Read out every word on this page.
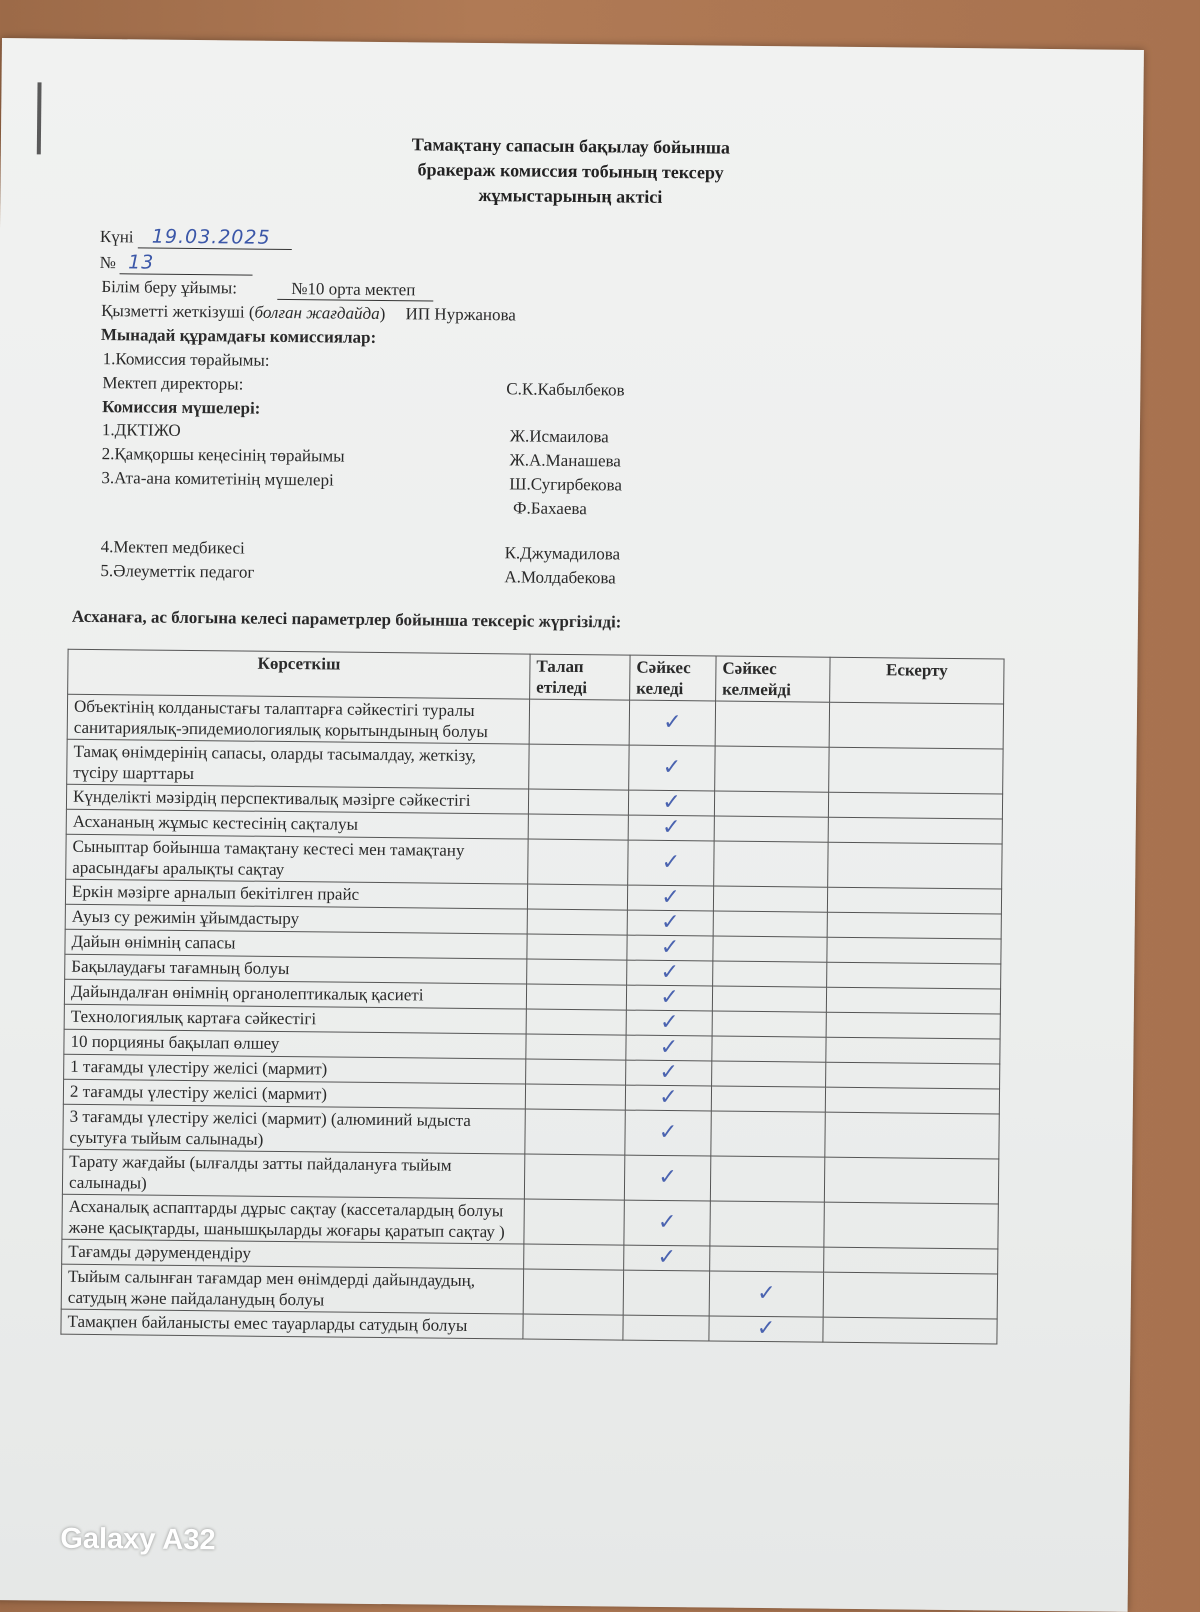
Тамақтану сапасын бақылау бойынша
бракераж комиссия тобының тексеру
жұмыстарының актісі
Күні 19.03.2025
№ 13
Білім беру ұйымы:	№10 орта мектеп
Қызметті жеткізуші (болған жағдайда) ИП Нуржанова
Мынадай құрамдағы комиссиялар:
1.Комиссия төрайымы:
Мектеп директоры:	С.К.Кабылбеков
Комиссия мүшелері:
1.ДКТІЖО	Ж.Исмаилова
2.Қамқоршы кеңесінің төрайымы	Ж.А.Манашева
3.Ата-ана комитетінің мүшелері	Ш.Сугирбекова
Ф.Бахаева
4.Мектеп медбикесі	К.Джумадилова
5.Әлеуметтік педагог	А.Молдабекова
Асханаға, ас блогына келесі параметрлер бойынша тексеріс жүргізілді:
Көрсеткіш	Талап етіледі	Сәйкес келеді	Сәйкес келмейді	Ескерту
Объектінің колданыстағы талаптарға сәйкестігі туралы санитариялық-эпидемиологиялық корытындының болуы		✓		
Тамақ өнімдерінің сапасы, оларды тасымалдау, жеткізу, түсіру шарттары		✓		
Күнделікті мәзірдің перспективалық мәзірге сәйкестігі		✓		
Асхананың жұмыс кестесінің сақталуы		✓		
Сыныптар бойынша тамақтану кестесі мен тамақтану арасындағы аралықты сақтау		✓		
Еркін мәзірге арналып бекітілген прайс		✓		
Ауыз су режимін ұйымдастыру		✓		
Дайын өнімнің сапасы		✓		
Бақылаудағы тағамның болуы		✓		
Дайындалған өнімнің органолептикалық қасиеті		✓		
Технологиялық картаға сәйкестігі		✓		
10 порцияны бақылап өлшеу		✓		
1 тағамды үлестіру желісі (мармит)		✓		
2 тағамды үлестіру желісі (мармит)		✓		
3 тағамды үлестіру желісі (мармит) (алюминий ыдыста суытуға тыйым салынады)		✓		
Тарату жағдайы (ылғалды затты пайдалануға тыйым салынады)		✓		
Асханалық аспаптарды дұрыс сақтау (кассеталардың болуы және қасықтарды, шанышқыларды жоғары қаратып сақтау )		✓		
Тағамды дәрумендендіру		✓		
Тыйым салынған тағамдар мен өнімдерді дайындаудың, сатудың және пайдаланудың болуы			✓	
Тамақпен байланысты емес тауарларды сатудың болуы			✓	
Galaxy A32
